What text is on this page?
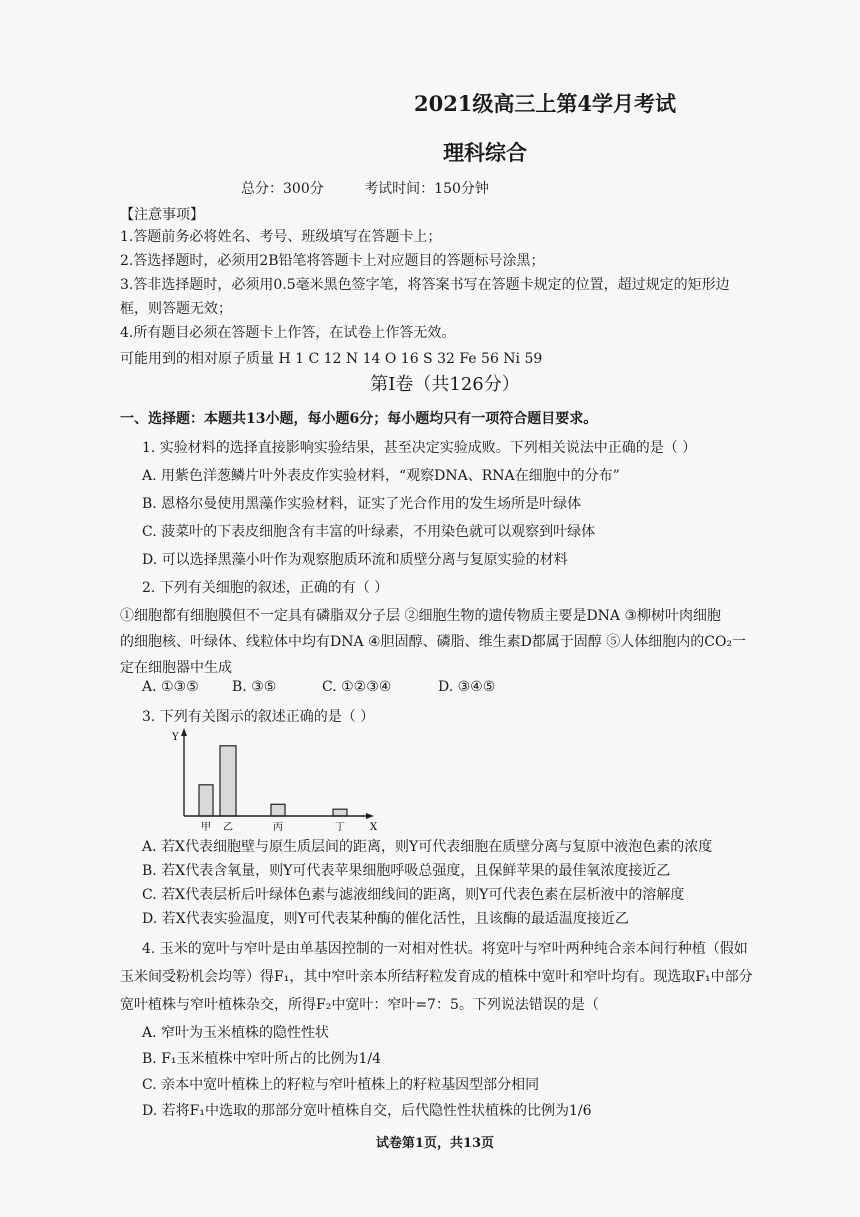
2021级高三上第4学月考试
理科综合
总分：300分	考试时间：150分钟
【注意事项】
1.答题前务必将姓名、考号、班级填写在答题卡上；
2.答选择题时，必须用2B铅笔将答题卡上对应题目的答题标号涂黑；
3.答非选择题时，必须用0.5毫米黑色签字笔，将答案书写在答题卡规定的位置，超过规定的矩形边
框，则答题无效；
4.所有题目必须在答题卡上作答，在试卷上作答无效。
可能用到的相对原子质量 H 1 C 12 N 14 O 16 S 32 Fe 56 Ni 59
第Ⅰ卷（共126分）
一、选择题：本题共13小题，每小题6分；每小题均只有一项符合题目要求。
1. 实验材料的选择直接影响实验结果，甚至决定实验成败。下列相关说法中正确的是（ ）
A. 用紫色洋葱鳞片叶外表皮作实验材料，“观察DNA、RNA在细胞中的分布”
B. 恩格尔曼使用黑藻作实验材料，证实了光合作用的发生场所是叶绿体
C. 菠菜叶的下表皮细胞含有丰富的叶绿素，不用染色就可以观察到叶绿体
D. 可以选择黑藻小叶作为观察胞质环流和质壁分离与复原实验的材料
2. 下列有关细胞的叙述，正确的有（ ）
①细胞都有细胞膜但不一定具有磷脂双分子层 ②细胞生物的遗传物质主要是DNA ③柳树叶肉细胞
的细胞核、叶绿体、线粒体中均有DNA ④胆固醇、磷脂、维生素D都属于固醇 ⑤人体细胞内的CO₂一
定在细胞器中生成
A. ①③⑤ B. ③⑤	C. ①②③④	D. ③④⑤
3. 下列有关图示的叙述正确的是（ ）
Y
X
甲 乙	丙	丁
A. 若X代表细胞壁与原生质层间的距离，则Y可代表细胞在质壁分离与复原中液泡色素的浓度
B. 若X代表含氧量，则Y可代表苹果细胞呼吸总强度，且保鲜苹果的最佳氧浓度接近乙
C. 若X代表层析后叶绿体色素与滤液细线间的距离，则Y可代表色素在层析液中的溶解度
D. 若X代表实验温度，则Y可代表某种酶的催化活性，且该酶的最适温度接近乙
4. 玉米的宽叶与窄叶是由单基因控制的一对相对性状。将宽叶与窄叶两种纯合亲本间行种植（假如
玉米间受粉机会均等）得F₁，其中窄叶亲本所结籽粒发育成的植株中宽叶和窄叶均有。现选取F₁中部分
宽叶植株与窄叶植株杂交，所得F₂中宽叶：窄叶=7：5。下列说法错误的是（
A. 窄叶为玉米植株的隐性性状
B. F₁玉米植株中窄叶所占的比例为1/4
C. 亲本中宽叶植株上的籽粒与窄叶植株上的籽粒基因型部分相同
D. 若将F₁中选取的那部分宽叶植株自交，后代隐性性状植株的比例为1/6
试卷第1页，共13页
